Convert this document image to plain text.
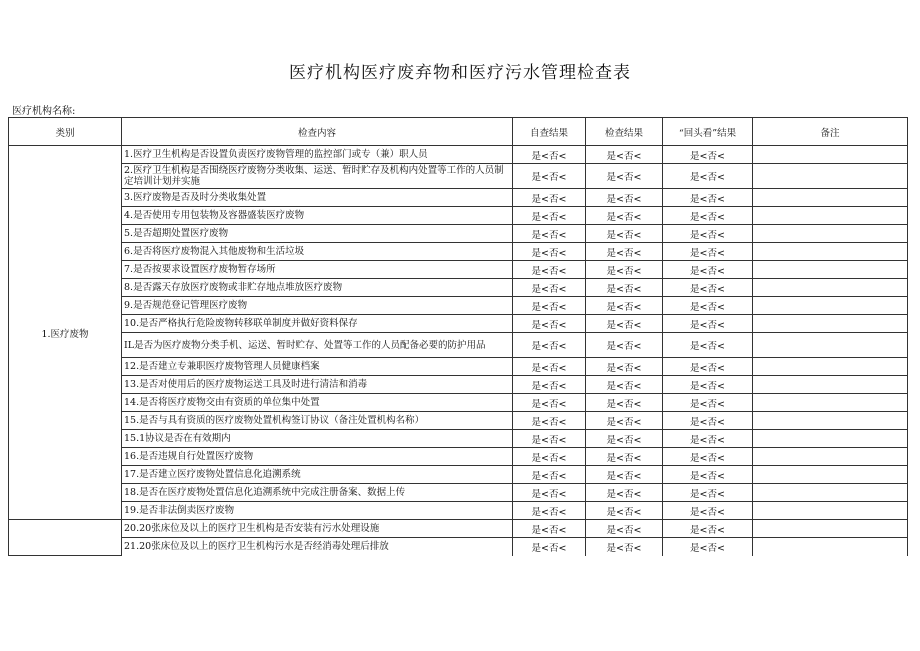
医疗机构医疗废弃物和医疗污水管理检查表
医疗机构名称:
类别	检查内容	自查结果	检查结果	“回头看”结果	备注
1.医疗废物	1.医疗卫生机构是否设置负责医疗废物管理的监控部门或专（兼）职人员	是<否<	是<否<	是<否<	
	2.医疗卫生机构是否围绕医疗废物分类收集、运送、暂时贮存及机构内处置等工作的人员制定培训计划并实施	是<否<	是<否<	是<否<	
	3.医疗废物是否及时分类收集处置	是<否<	是<否<	是<否<	
	4.是否使用专用包装物及容器盛装医疗废物	是<否<	是<否<	是<否<	
	5.是否超期处置医疗废物	是<否<	是<否<	是<否<	
	6.是否将医疗废物混入其他废物和生活垃圾	是<否<	是<否<	是<否<	
	7.是否按要求设置医疗废物暂存场所	是<否<	是<否<	是<否<	
	8.是否露天存放医疗废物或非贮存地点堆放医疗废物	是<否<	是<否<	是<否<	
	9.是否规范登记管理医疗废物	是<否<	是<否<	是<否<	
	10.是否严格执行危险废物转移联单制度并做好资料保存	是<否<	是<否<	是<否<	
	IL是否为医疗废物分类手机、运送、暂时贮存、处置等工作的人员配备必要的防护用品	是<否<	是<否<	是<否<	
	12.是否建立专兼职医疗废物管理人员健康档案	是<否<	是<否<	是<否<	
	13.是否对使用后的医疗废物运送工具及时进行清洁和消毒	是<否<	是<否<	是<否<	
	14.是否将医疗废物交由有资质的单位集中处置	是<否<	是<否<	是<否<	
	15.是否与具有资质的医疗废物处置机构签订协议（备注处置机构名称）	是<否<	是<否<	是<否<	
	15.1协议是否在有效期内	是<否<	是<否<	是<否<	
	16.是否违规自行处置医疗废物	是<否<	是<否<	是<否<	
	17.是否建立医疗废物处置信息化追溯系统	是<否<	是<否<	是<否<	
	18.是否在医疗废物处置信息化追溯系统中完成注册备案、数据上传	是<否<	是<否<	是<否<	
	19.是否非法倒卖医疗废物	是<否<	是<否<	是<否<	
	20.20张床位及以上的医疗卫生机构是否安装有污水处理设施	是<否<	是<否<	是<否<	
	21.20张床位及以上的医疗卫生机构污水是否经消毒处理后排放	是<否<	是<否<	是<否<	
